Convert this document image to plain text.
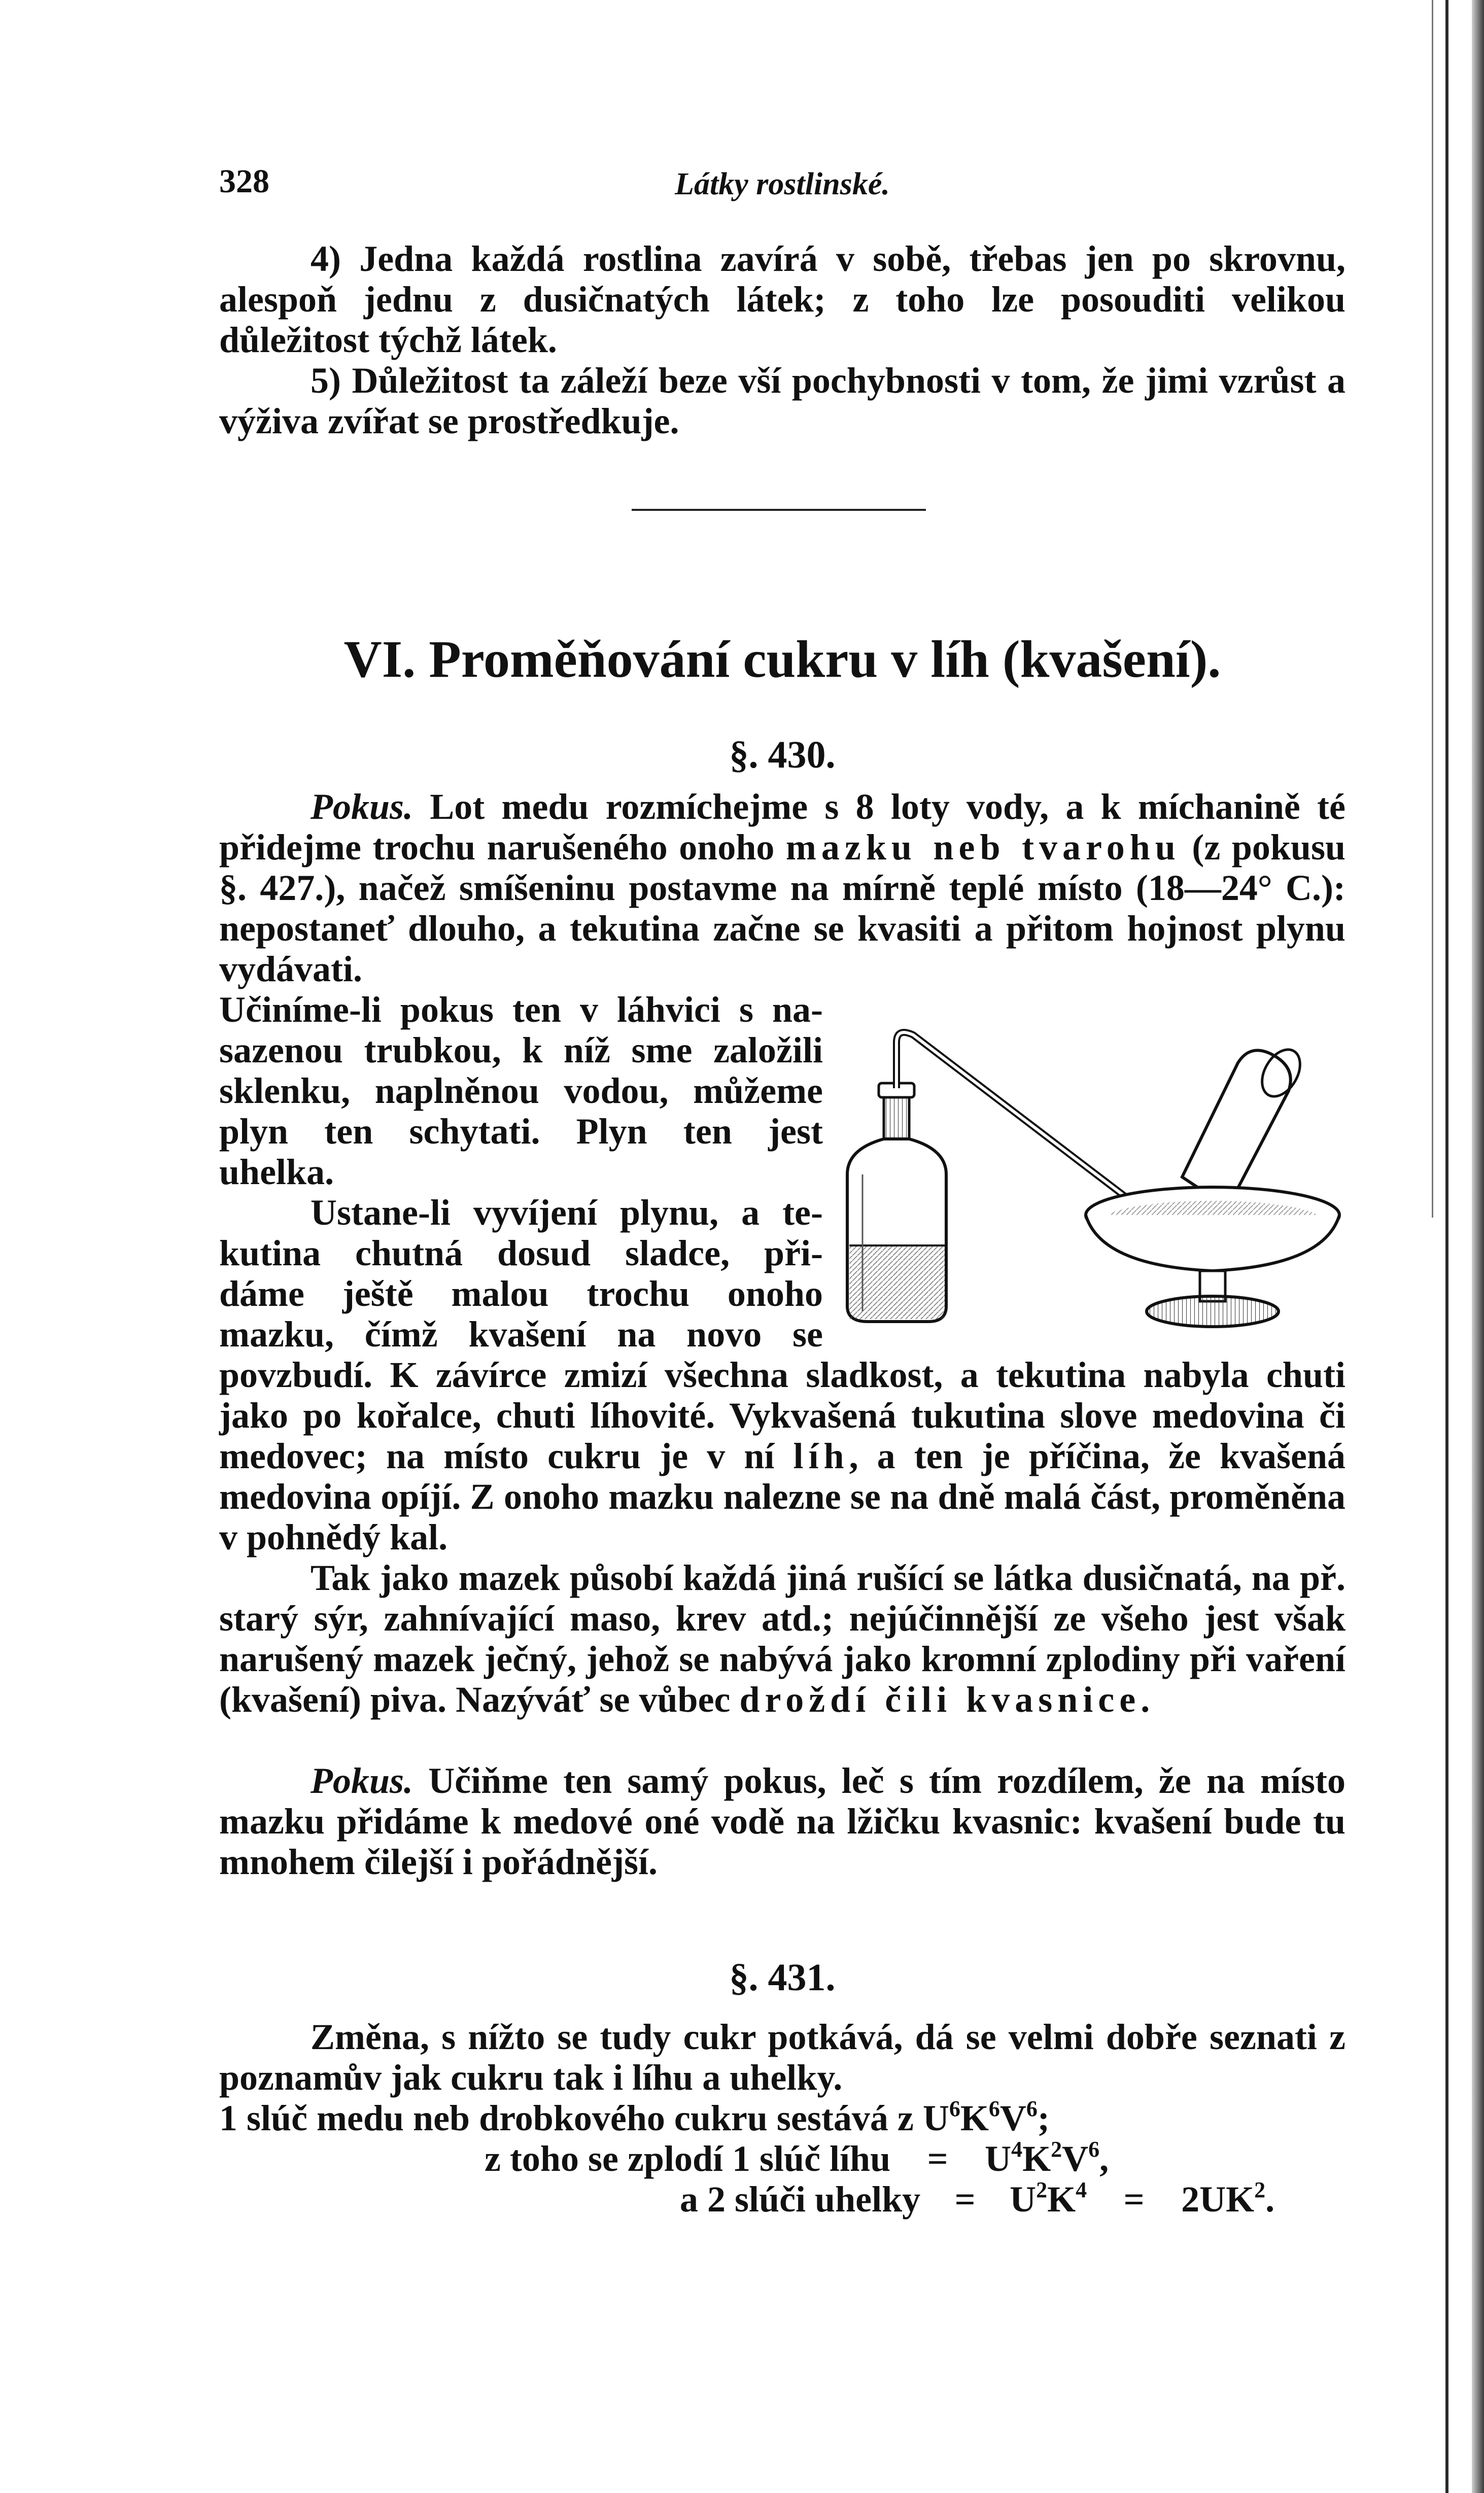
328	Látky rostlinské.

4) Jedna každá rostlina zavírá v sobě, třebas jen po skrovnu, alespoň jednu z dusičnatých látek; z toho lze posouditi velikou důležitost týchž látek.

5) Důležitost ta záleží beze vší pochybnosti v tom, že jimi vzrůst a výživa zvířat se prostředkuje.

VI. Proměňování cukru v líh (kvašení).
§. 430.

Pokus. Lot medu rozmíchejme s 8 loty vody, a k míchanině té přidejme trochu narušeného onoho mazku neb tvarohu (z pokusu §. 427.), načež smíšeninu postavme na mírně teplé místo (18—24° C.): nepostaneť dlouho, a tekutina začne se kvasiti a přitom hojnost plynu vydávati.

Učiníme-li pokus ten v láhvici s na-
sazenou trubkou, k níž sme založili
sklenku, naplněnou vodou, můžeme
plyn ten schytati. Plyn ten jest
uhelka.
Ustane-li vyvíjení plynu, a te-
kutina chutná dosud sladce, při-
dáme ještě malou trochu onoho
mazku, čímž kvašení na novo se

povzbudí. K závírce zmizí všechna sladkost, a tekutina nabyla chuti jako po kořalce, chuti líhovité. Vykvašená tukutina slove medovina či medovec; na místo cukru je v ní líh, a ten je příčina, že kvašená medovina opíjí. Z onoho mazku nalezne se na dně malá část, proměněna v pohnědý kal.

Tak jako mazek působí každá jiná rušící se látka dusičnatá, na př. starý sýr, zahnívající maso, krev atd.; nejúčinnější ze všeho jest však narušený mazek ječný, jehož se nabývá jako kromní zplodiny při vaření (kvašení) piva. Nazýváť se vůbec droždí čili kvasnice.

Pokus. Učiňme ten samý pokus, leč s tím rozdílem, že na místo mazku přidáme k medové oné vodě na lžičku kvasnic: kvašení bude tu mnohem čilejší i pořádnější.

§. 431.

Změna, s nížto se tudy cukr potkává, dá se velmi dobře seznati z poznamův jak cukru tak i líhu a uhelky.

1 slúč medu neb drobkového cukru sestává z $U^6K^6V^6$;
z toho se zplodí 1 slúč líhu = $U^4K^2V^6$,
a 2 slúči uhelky = $U^2K^4 = 2UK^2$.
